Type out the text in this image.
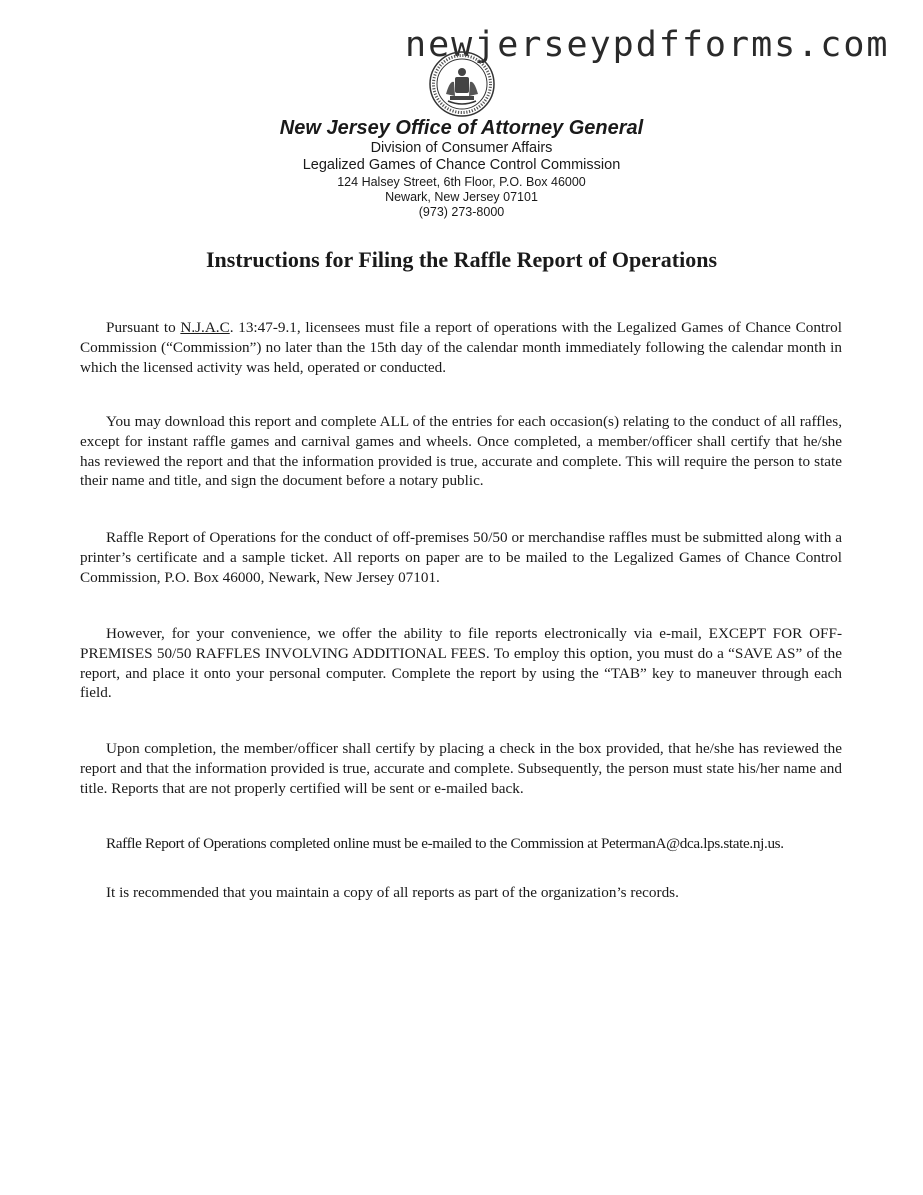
newjerseypdfforms.com
New Jersey Office of Attorney General
Division of Consumer Affairs
Legalized Games of Chance Control Commission
124 Halsey Street, 6th Floor, P.O. Box 46000
Newark, New Jersey 07101
(973) 273-8000
Instructions for Filing the Raffle Report of Operations

Pursuant to N.J.A.C. 13:47-9.1, licensees must file a report of operations with the Legalized Games of Chance Control Commission (“Commission”) no later than the 15th day of the calendar month immediately following the calendar month in which the licensed activity was held, operated or conducted.

You may download this report and complete ALL of the entries for each occasion(s) relating to the conduct of all raffles, except for instant raffle games and carnival games and wheels. Once completed, a member/officer shall certify that he/she has reviewed the report and that the information provided is true, accurate and complete. This will require the person to state their name and title, and sign the document before a notary public.

Raffle Report of Operations for the conduct of off-premises 50/50 or merchandise raffles must be submitted along with a printer’s certificate and a sample ticket. All reports on paper are to be mailed to the Legalized Games of Chance Control Commission, P.O. Box 46000, Newark, New Jersey 07101.

However, for your convenience, we offer the ability to file reports electronically via e-mail, EXCEPT FOR OFF-PREMISES 50/50 RAFFLES INVOLVING ADDITIONAL FEES. To employ this option, you must do a “SAVE AS” of the report, and place it onto your personal computer. Complete the report by using the “TAB” key to maneuver through each field.

Upon completion, the member/officer shall certify by placing a check in the box provided, that he/she has reviewed the report and that the information provided is true, accurate and complete. Subsequently, the person must state his/her name and title. Reports that are not properly certified will be sent or e-mailed back.

Raffle Report of Operations completed online must be e-mailed to the Commission at PetermanA@dca.lps.state.nj.us.

It is recommended that you maintain a copy of all reports as part of the organization’s records.
